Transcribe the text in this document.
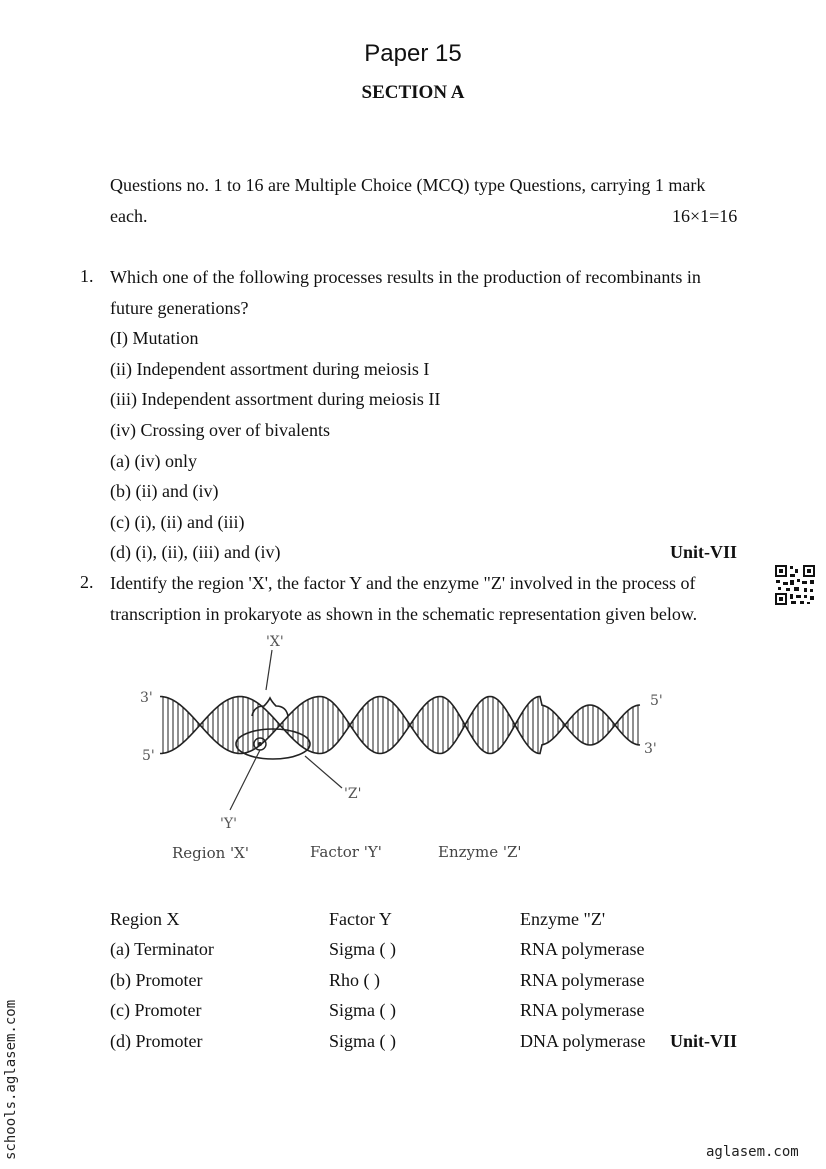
Paper 15
SECTION A
Questions no. 1 to 16 are Multiple Choice (MCQ) type Questions, carrying 1 mark
each.	16×1=16
1. Which one of the following processes results in the production of recombinants in
future generations?
(I) Mutation
(ii) Independent assortment during meiosis I
(iii) Independent assortment during meiosis II
(iv) Crossing over of bivalents
(a) (iv) only
(b) (ii) and (iv)
(c) (i), (ii) and (iii)
(d) (i), (ii), (iii) and (iv)	Unit-VII
2. Identify the region 'X', the factor Y and the enzyme "Z' involved in the process of
transcription in prokaryote as shown in the schematic representation given below.
3'
5'
5'
3'
'X'
'Y'
'Z'
Region 'X'	Factor 'Y'	Enzyme 'Z'
Region X	Factor Y	Enzyme "Z'
(a) Terminator	Sigma ( )	RNA polymerase
(b) Promoter	Rho ( )	RNA polymerase
(c) Promoter	Sigma ( )	RNA polymerase
(d) Promoter	Sigma ( )	DNA polymerase Unit-VII
schools.aglasem.com	aglasem.com
